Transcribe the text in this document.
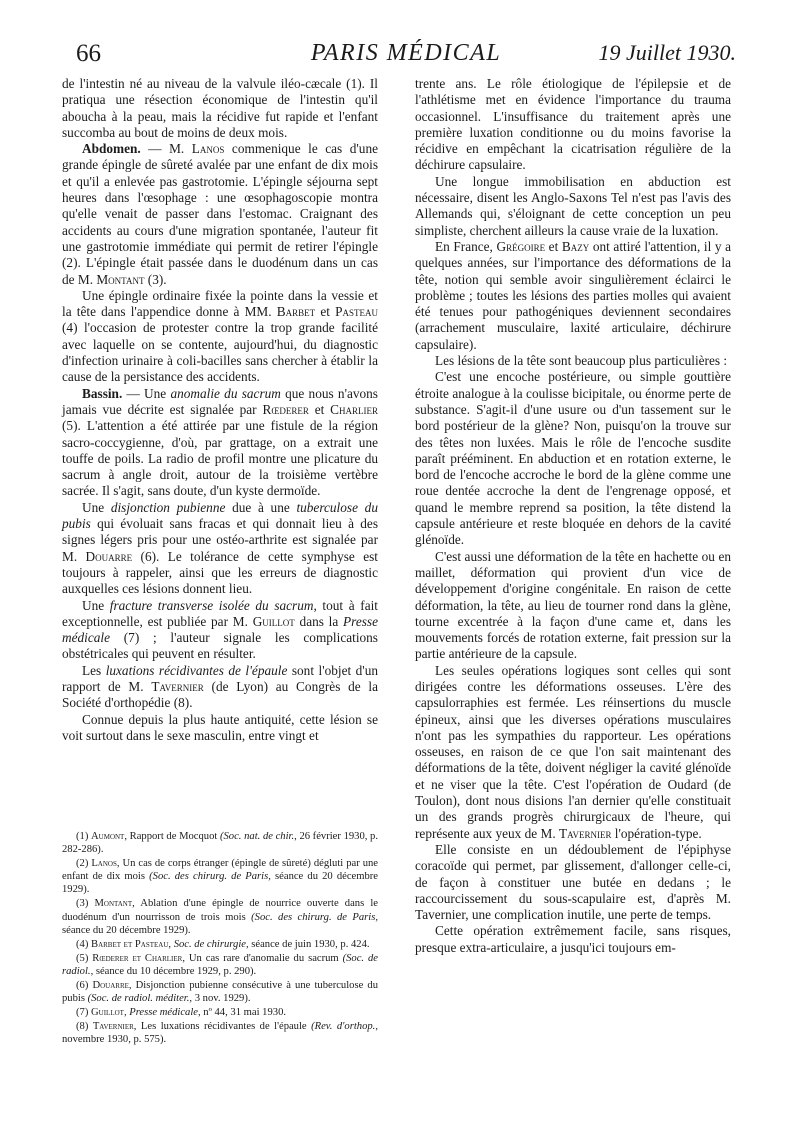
66	PARIS MÉDICAL	19 Juillet 1930.

de l'intestin né au niveau de la valvule iléo-cæcale (1). Il pratiqua une résection économique de l'intestin qu'il aboucha à la peau, mais la récidive fut rapide et l'enfant succomba au bout de moins de deux mois.

Abdomen. — M. Lanos commenique le cas d'une grande épingle de sûreté avalée par une enfant de dix mois et qu'il a enlevée pas gastrotomie. L'épingle séjourna sept heures dans l'œsophage : une œsophagoscopie montra qu'elle venait de passer dans l'estomac. Craignant des accidents au cours d'une migration spontanée, l'auteur fit une gastrotomie immédiate qui permit de retirer l'épingle (2). L'épingle était passée dans le duodénum dans un cas de M. Montant (3).

Une épingle ordinaire fixée la pointe dans la vessie et la tête dans l'appendice donne à MM. Barbet et Pasteau (4) l'occasion de protester contre la trop grande facilité avec laquelle on se contente, aujourd'hui, du diagnostic d'infection urinaire à coli-bacilles sans chercher à établir la cause de la persistance des accidents.

Bassin. — Une anomalie du sacrum que nous n'avons jamais vue décrite est signalée par Rœderer et Charlier (5). L'attention a été attirée par une fistule de la région sacro-coccygienne, d'où, par grattage, on a extrait une touffe de poils. La radio de profil montre une plicature du sacrum à angle droit, autour de la troisième vertèbre sacrée. Il s'agit, sans doute, d'un kyste dermoïde.

Une disjonction pubienne due à une tuberculose du pubis qui évoluait sans fracas et qui donnait lieu à des signes légers pris pour une ostéo-arthrite est signalée par M. Douarre (6). Le tolérance de cette symphyse est toujours à rappeler, ainsi que les erreurs de diagnostic auxquelles ces lésions donnent lieu.

Une fracture transverse isolée du sacrum, tout à fait exceptionnelle, est publiée par M. Guillot dans la Presse médicale (7) ; l'auteur signale les complications obstétricales qui peuvent en résulter.

Les luxations récidivantes de l'épaule sont l'objet d'un rapport de M. Tavernier (de Lyon) au Congrès de la Société d'orthopédie (8).

Connue depuis la plus haute antiquité, cette lésion se voit surtout dans le sexe masculin, entre vingt et

(1) Aumont, Rapport de Mocquot (Soc. nat. de chir., 26 février 1930, p. 282-286).

(2) Lanos, Un cas de corps étranger (épingle de sûreté) dégluti par une enfant de dix mois (Soc. des chirurg. de Paris, séance du 20 décembre 1929).

(3) Montant, Ablation d'une épingle de nourrice ouverte dans le duodénum d'un nourrisson de trois mois (Soc. des chirurg. de Paris, séance du 20 décembre 1929).

(4) Barbet et Pasteau, Soc. de chirurgie, séance de juin 1930, p. 424.

(5) Rœderer et Charlier, Un cas rare d'anomalie du sacrum (Soc. de radiol., séance du 10 décembre 1929, p. 290).

(6) Douarre, Disjonction pubienne consécutive à une tuberculose du pubis (Soc. de radiol. méditer., 3 nov. 1929).

(7) Guillot, Presse médicale, nº 44, 31 mai 1930.

(8) Tavernier, Les luxations récidivantes de l'épaule (Rev. d'orthop., novembre 1930, p. 575).

trente ans. Le rôle étiologique de l'épilepsie et de l'athlétisme met en évidence l'importance du trauma occasionnel. L'insuffisance du traitement après une première luxation conditionne ou du moins favorise la récidive en empêchant la cicatrisation régulière de la déchirure capsulaire.

Une longue immobilisation en abduction est nécessaire, disent les Anglo-Saxons Tel n'est pas l'avis des Allemands qui, s'éloignant de cette conception un peu simpliste, cherchent ailleurs la cause vraie de la luxation.

En France, Grégoire et Bazy ont attiré l'attention, il y a quelques années, sur l'importance des déformations de la tête, notion qui semble avoir singulièrement éclairci le problème ; toutes les lésions des parties molles qui avaient été tenues pour pathogéniques deviennent secondaires (arrachement musculaire, laxité articulaire, déchirure capsulaire).

Les lésions de la tête sont beaucoup plus particulières :

C'est une encoche postérieure, ou simple gouttière étroite analogue à la coulisse bicipitale, ou énorme perte de substance. S'agit-il d'une usure ou d'un tassement sur le bord postérieur de la glène? Non, puisqu'on la trouve sur des têtes non luxées. Mais le rôle de l'encoche susdite paraît prééminent. En abduction et en rotation externe, le bord de l'encoche accroche le bord de la glène comme une roue dentée accroche la dent de l'engrenage opposé, et quand le membre reprend sa position, la tête distend la capsule antérieure et reste bloquée en dehors de la cavité glénoïde.

C'est aussi une déformation de la tête en hachette ou en maillet, déformation qui provient d'un vice de développement d'origine congénitale. En raison de cette déformation, la tête, au lieu de tourner rond dans la glène, tourne excentrée à la façon d'une came et, dans les mouvements forcés de rotation externe, fait pression sur la partie antérieure de la capsule.

Les seules opérations logiques sont celles qui sont dirigées contre les déformations osseuses. L'ère des capsulorraphies est fermée. Les réinsertions du muscle épineux, ainsi que les diverses opérations musculaires n'ont pas les sympathies du rapporteur. Les opérations osseuses, en raison de ce que l'on sait maintenant des déformations de la tête, doivent négliger la cavité glénoïde et ne viser que la tête. C'est l'opération de Oudard (de Toulon), dont nous disions l'an dernier qu'elle constituait un des grands progrès chirurgicaux de l'heure, qui représente aux yeux de M. Tavernier l'opération-type.

Elle consiste en un dédoublement de l'épiphyse coracoïde qui permet, par glissement, d'allonger celle-ci, de façon à constituer une butée en dedans ; le raccourcissement du sous-scapulaire est, d'après M. Tavernier, une complication inutile, une perte de temps.

Cette opération extrêmement facile, sans risques, presque extra-articulaire, a jusqu'ici toujours em-
